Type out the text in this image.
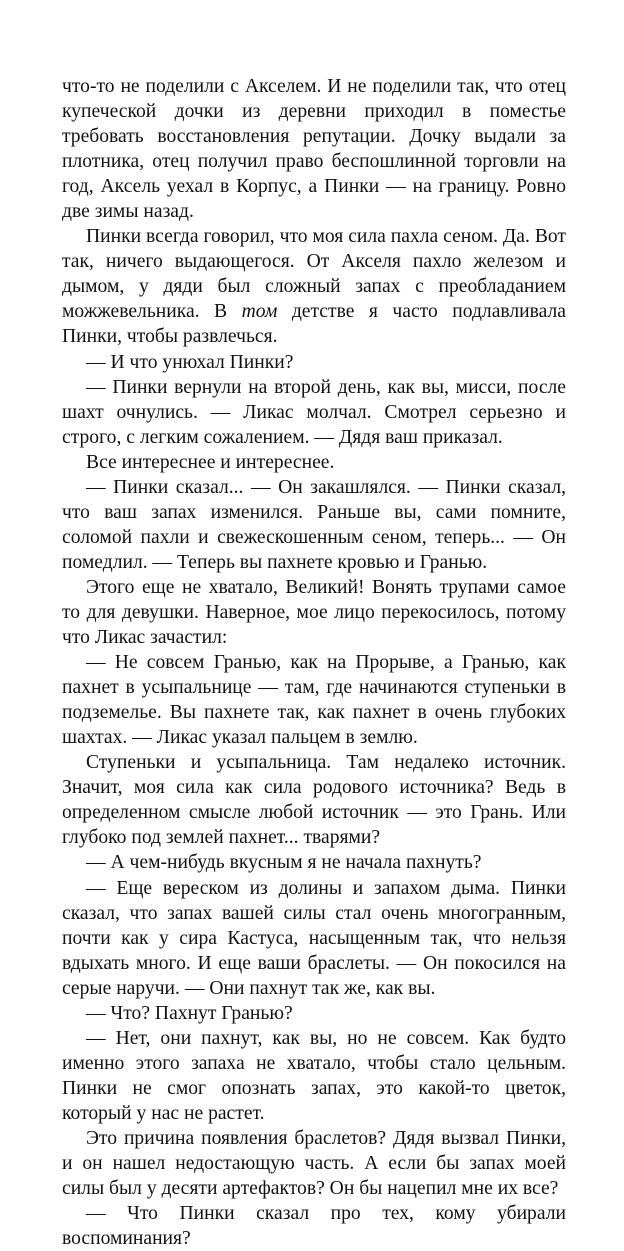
что-то не поделили с Акселем. И не поделили так, что отец купеческой дочки из деревни приходил в поместье требовать восстановления репутации. Дочку выдали за плотника, отец получил право беспошлинной торговли на год, Аксель уехал в Корпус, а Пинки — на границу. Ровно две зимы назад.

Пинки всегда говорил, что моя сила пахла сеном. Да. Вот так, ничего выдающегося. От Акселя пахло железом и дымом, у дяди был сложный запах с преобладанием можжевельника. В том детстве я часто подлавливала Пинки, чтобы развлечься.

— И что унюхал Пинки?

— Пинки вернули на второй день, как вы, мисси, после шахт очнулись. — Ликас молчал. Смотрел серьезно и строго, с легким сожалением. — Дядя ваш приказал.

Все интереснее и интереснее.

— Пинки сказал... — Он закашлялся. — Пинки сказал, что ваш запах изменился. Раньше вы, сами помните, соломой пахли и свежескошенным сеном, теперь... — Он помедлил. — Теперь вы пахнете кровью и Гранью.

Этого еще не хватало, Великий! Вонять трупами самое то для девушки. Наверное, мое лицо перекосилось, потому что Ликас зачастил:

— Не совсем Гранью, как на Прорыве, а Гранью, как пахнет в усыпальнице — там, где начинаются ступеньки в подземелье. Вы пахнете так, как пахнет в очень глубоких шахтах. — Ликас указал пальцем в землю.

Ступеньки и усыпальница. Там недалеко источник. Значит, моя сила как сила родового источника? Ведь в определенном смысле любой источник — это Грань. Или глубоко под землей пахнет... тварями?

— А чем-нибудь вкусным я не начала пахнуть?

— Еще вереском из долины и запахом дыма. Пинки сказал, что запах вашей силы стал очень многогранным, почти как у сира Кастуса, насыщенным так, что нельзя вдыхать много. И еще ваши браслеты. — Он покосился на серые наручи. — Они пахнут так же, как вы.

— Что? Пахнут Гранью?

— Нет, они пахнут, как вы, но не совсем. Как будто именно этого запаха не хватало, чтобы стало цельным. Пинки не смог опознать запах, это какой-то цветок, который у нас не растет.

Это причина появления браслетов? Дядя вызвал Пинки, и он нашел недостающую часть. А если бы запах моей силы был у десяти артефактов? Он бы нацепил мне их все?

— Что Пинки сказал про тех, кому убирали воспоминания?
